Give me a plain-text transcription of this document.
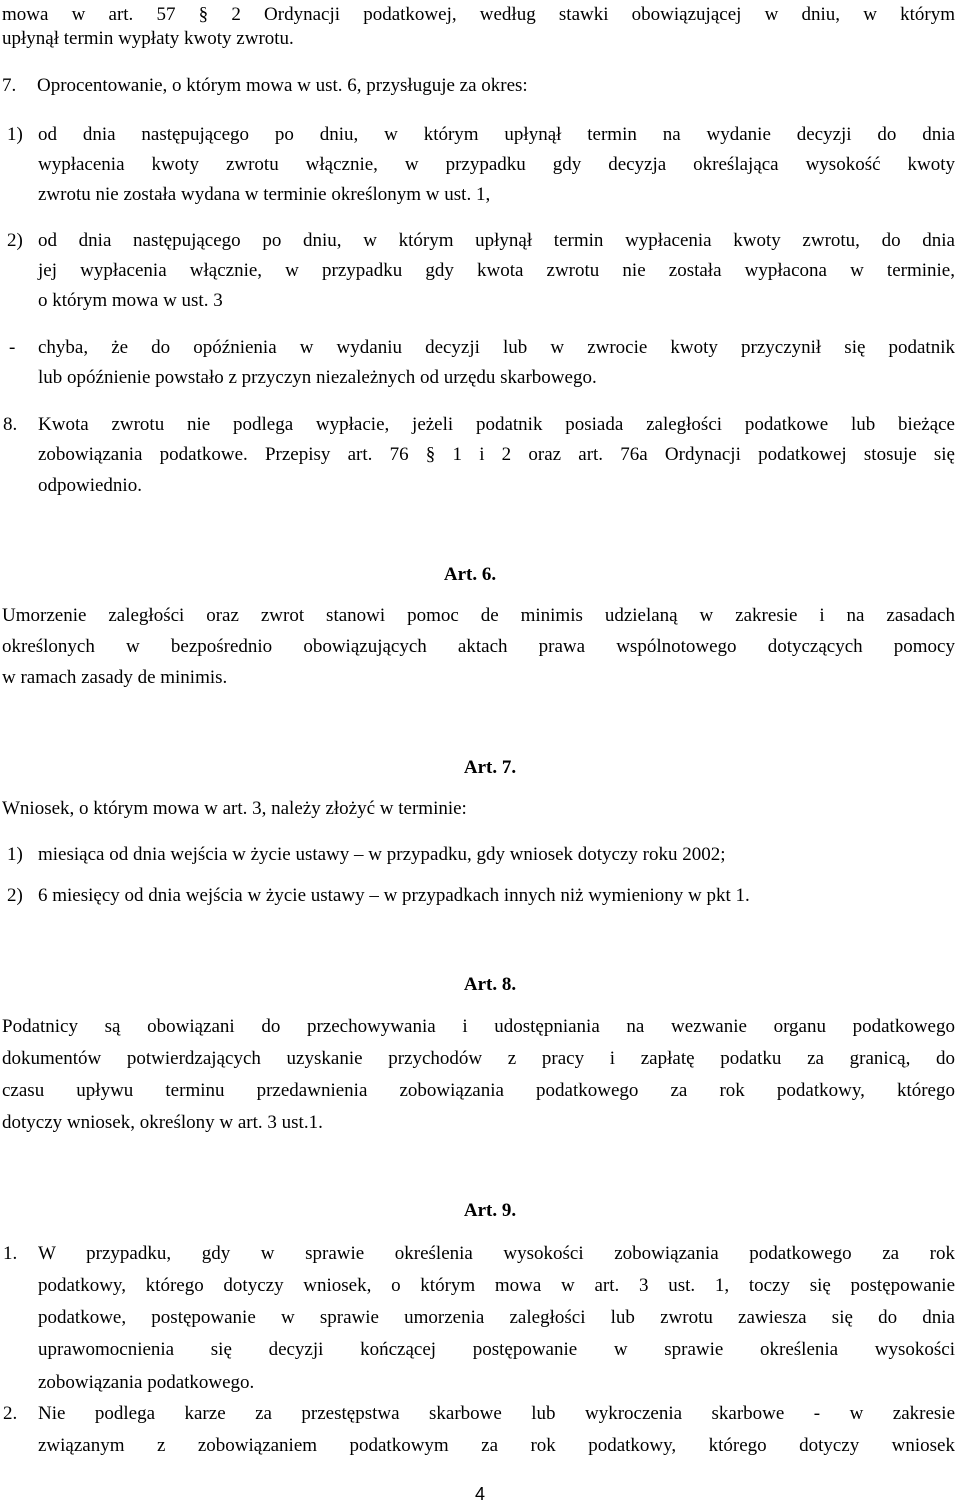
mowa w art. 57 § 2 Ordynacji podatkowej, według stawki obowiązującej w dniu, w którym
upłynął termin wypłaty kwoty zwrotu.
7. Oprocentowanie, o którym mowa w ust. 6, przysługuje za okres:
1) od dnia następującego po dniu, w którym upłynął termin na wydanie decyzji do dnia
wypłacenia kwoty zwrotu włącznie, w przypadku gdy decyzja określająca wysokość kwoty
zwrotu nie została wydana w terminie określonym w ust. 1,
2) od dnia następującego po dniu, w którym upłynął termin wypłacenia kwoty zwrotu, do dnia
jej wypłacenia włącznie, w przypadku gdy kwota zwrotu nie została wypłacona w terminie,
o którym mowa w ust. 3
- chyba, że do opóźnienia w wydaniu decyzji lub w zwrocie kwoty przyczynił się podatnik
lub opóźnienie powstało z przyczyn niezależnych od urzędu skarbowego.
8. Kwota zwrotu nie podlega wypłacie, jeżeli podatnik posiada zaległości podatkowe lub bieżące
zobowiązania podatkowe. Przepisy art. 76 § 1 i 2 oraz art. 76a Ordynacji podatkowej stosuje się
odpowiednio.
Art. 6.
Umorzenie zaległości oraz zwrot stanowi pomoc de minimis udzielaną w zakresie i na zasadach
określonych w bezpośrednio obowiązujących aktach prawa wspólnotowego dotyczących pomocy
w ramach zasady de minimis.
Art. 7.
Wniosek, o którym mowa w art. 3, należy złożyć w terminie:
1) miesiąca od dnia wejścia w życie ustawy – w przypadku, gdy wniosek dotyczy roku 2002;
2) 6 miesięcy od dnia wejścia w życie ustawy – w przypadkach innych niż wymieniony w pkt 1.
Art. 8.
Podatnicy są obowiązani do przechowywania i udostępniania na wezwanie organu podatkowego
dokumentów potwierdzających uzyskanie przychodów z pracy i zapłatę podatku za granicą, do
czasu upływu terminu przedawnienia zobowiązania podatkowego za rok podatkowy, którego
dotyczy wniosek, określony w art. 3 ust.1.
Art. 9.
1. W przypadku, gdy w sprawie określenia wysokości zobowiązania podatkowego za rok
podatkowy, którego dotyczy wniosek, o którym mowa w art. 3 ust. 1, toczy się postępowanie
podatkowe, postępowanie w sprawie umorzenia zaległości lub zwrotu zawiesza się do dnia
uprawomocnienia się decyzji kończącej postępowanie w sprawie określenia wysokości
zobowiązania podatkowego.
2. Nie podlega karze za przestępstwa skarbowe lub wykroczenia skarbowe - w zakresie
związanym z zobowiązaniem podatkowym za rok podatkowy, którego dotyczy wniosek
4
